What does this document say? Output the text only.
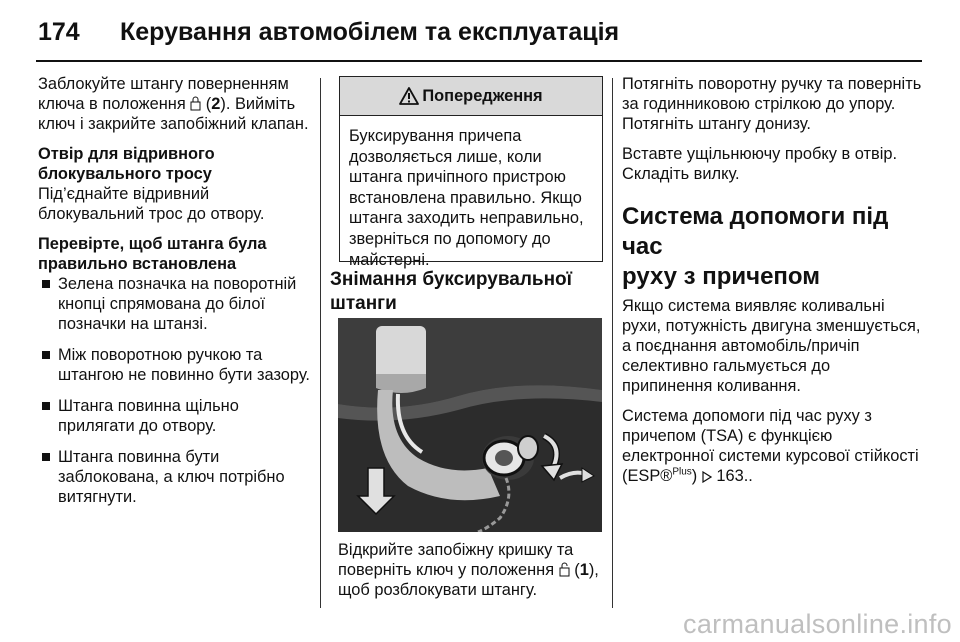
174 Керування автомобілем та експлуатація

Заблокуйте штангу поверненням ключа в положення  (2). Вийміть ключ і закрийте запобіжний клапан.

Отвір для відривного
блокувального тросу

Під’єднайте відривний блокувальний трос до отвору.

Перевірте, щоб штанга була
правильно встановлена

Зелена позначка на поворотній кнопці спрямована до білої позначки на штанзі.
Між поворотною ручкою та штангою не повинно бути зазору.
Штанга повинна щільно прилягати до отвору.
Штанга повинна бути заблокована, а ключ потрібно витягнути.
Попередження
Буксирування причепа дозволяється лише, коли штанга причіпного пристрою встановлена правильно. Якщо штанга заходить неправильно, зверніться по допомогу до майстерні.

Знімання буксирувальної
штанги

Відкрийте запобіжну кришку та поверніть ключ у положення  (1), щоб розблокувати штангу.

Потягніть поворотну ручку та поверніть за годинниковою стрілкою до упору. Потягніть штангу донизу.

Вставте ущільнюючу пробку в отвір. Складіть вилку.

Система допомоги під час
руху з причепом

Якщо система виявляє коливальні рухи, потужність двигуна зменшується, а поєднання автомобіль/причіп селективно гальмується до припинення коливання.

Система допомоги під час руху з причепом (TSA) є функцією електронної системи курсової стійкості (ESP®$^{Plus}$)  163..

carmanualsonline.info
